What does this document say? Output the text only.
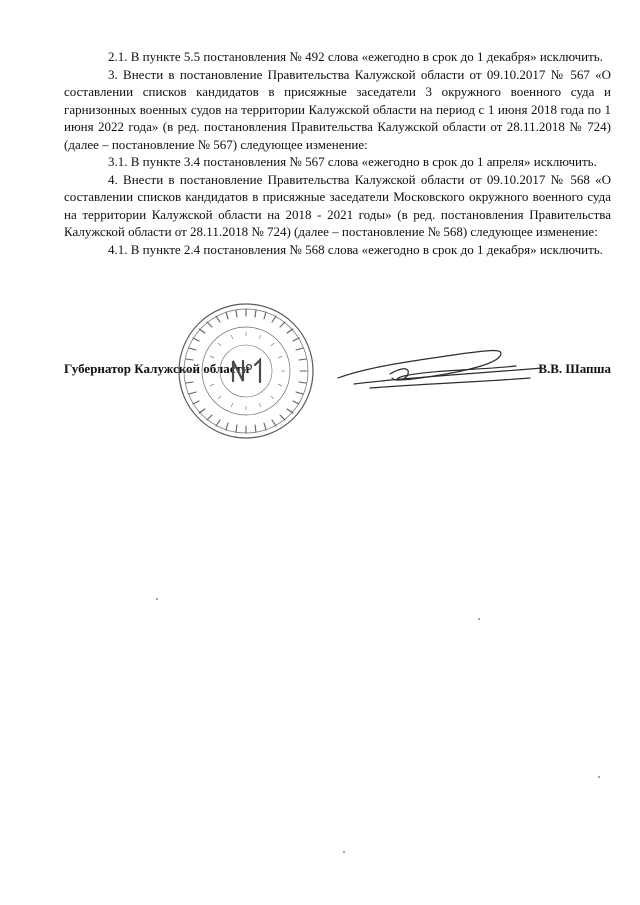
2.1. В пункте 5.5 постановления № 492 слова «ежегодно в срок до 1 декабря» исключить.

3. Внести в постановление Правительства Калужской области от 09.10.2017 № 567 «О составлении списков кандидатов в присяжные заседатели 3 окружного военного суда и гарнизонных военных судов на территории Калужской области на период с 1 июня 2018 года по 1 июня 2022 года» (в ред. постановления Правительства Калужской области от 28.11.2018 № 724) (далее – постановление № 567) следующее изменение:

3.1. В пункте 3.4 постановления № 567 слова «ежегодно в срок до 1 апреля» исключить.

4. Внести в постановление Правительства Калужской области от 09.10.2017 № 568 «О составлении списков кандидатов в присяжные заседатели Московского окружного военного суда на территории Калужской области на 2018 - 2021 годы» (в ред. постановления Правительства Калужской области от 28.11.2018 № 724) (далее – постановление № 568) следующее изменение:

4.1. В пункте 2.4 постановления № 568 слова «ежегодно в срок до 1 декабря» исключить.

Губернатор Калужской области	В.В. Шапша
